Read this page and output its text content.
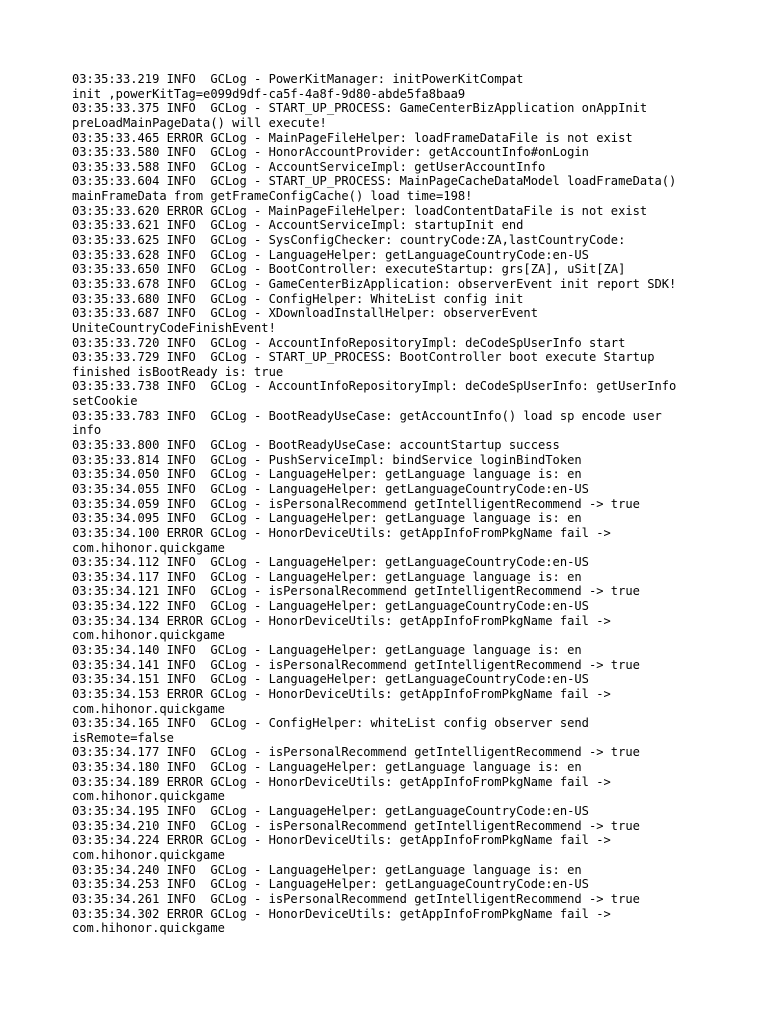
03:35:33.219 INFO  GCLog - PowerKitManager: initPowerKitCompat
init ,powerKitTag=e099d9df-ca5f-4a8f-9d80-abde5fa8baa9
03:35:33.375 INFO  GCLog - START_UP_PROCESS: GameCenterBizApplication onAppInit
preLoadMainPageData() will execute!
03:35:33.465 ERROR GCLog - MainPageFileHelper: loadFrameDataFile is not exist
03:35:33.580 INFO  GCLog - HonorAccountProvider: getAccountInfo#onLogin
03:35:33.588 INFO  GCLog - AccountServiceImpl: getUserAccountInfo
03:35:33.604 INFO  GCLog - START_UP_PROCESS: MainPageCacheDataModel loadFrameData()
mainFrameData from getFrameConfigCache() load time=198!
03:35:33.620 ERROR GCLog - MainPageFileHelper: loadContentDataFile is not exist
03:35:33.621 INFO  GCLog - AccountServiceImpl: startupInit end
03:35:33.625 INFO  GCLog - SysConfigChecker: countryCode:ZA,lastCountryCode:
03:35:33.628 INFO  GCLog - LanguageHelper: getLanguageCountryCode:en-US
03:35:33.650 INFO  GCLog - BootController: executeStartup: grs[ZA], uSit[ZA]
03:35:33.678 INFO  GCLog - GameCenterBizApplication: observerEvent init report SDK!
03:35:33.680 INFO  GCLog - ConfigHelper: WhiteList config init
03:35:33.687 INFO  GCLog - XDownloadInstallHelper: observerEvent
UniteCountryCodeFinishEvent!
03:35:33.720 INFO  GCLog - AccountInfoRepositoryImpl: deCodeSpUserInfo start
03:35:33.729 INFO  GCLog - START_UP_PROCESS: BootController boot execute Startup
finished isBootReady is: true
03:35:33.738 INFO  GCLog - AccountInfoRepositoryImpl: deCodeSpUserInfo: getUserInfo
setCookie
03:35:33.783 INFO  GCLog - BootReadyUseCase: getAccountInfo() load sp encode user
info
03:35:33.800 INFO  GCLog - BootReadyUseCase: accountStartup success
03:35:33.814 INFO  GCLog - PushServiceImpl: bindService loginBindToken
03:35:34.050 INFO  GCLog - LanguageHelper: getLanguage language is: en
03:35:34.055 INFO  GCLog - LanguageHelper: getLanguageCountryCode:en-US
03:35:34.059 INFO  GCLog - isPersonalRecommend getIntelligentRecommend -> true
03:35:34.095 INFO  GCLog - LanguageHelper: getLanguage language is: en
03:35:34.100 ERROR GCLog - HonorDeviceUtils: getAppInfoFromPkgName fail ->
com.hihonor.quickgame
03:35:34.112 INFO  GCLog - LanguageHelper: getLanguageCountryCode:en-US
03:35:34.117 INFO  GCLog - LanguageHelper: getLanguage language is: en
03:35:34.121 INFO  GCLog - isPersonalRecommend getIntelligentRecommend -> true
03:35:34.122 INFO  GCLog - LanguageHelper: getLanguageCountryCode:en-US
03:35:34.134 ERROR GCLog - HonorDeviceUtils: getAppInfoFromPkgName fail ->
com.hihonor.quickgame
03:35:34.140 INFO  GCLog - LanguageHelper: getLanguage language is: en
03:35:34.141 INFO  GCLog - isPersonalRecommend getIntelligentRecommend -> true
03:35:34.151 INFO  GCLog - LanguageHelper: getLanguageCountryCode:en-US
03:35:34.153 ERROR GCLog - HonorDeviceUtils: getAppInfoFromPkgName fail ->
com.hihonor.quickgame
03:35:34.165 INFO  GCLog - ConfigHelper: whiteList config observer send
isRemote=false
03:35:34.177 INFO  GCLog - isPersonalRecommend getIntelligentRecommend -> true
03:35:34.180 INFO  GCLog - LanguageHelper: getLanguage language is: en
03:35:34.189 ERROR GCLog - HonorDeviceUtils: getAppInfoFromPkgName fail ->
com.hihonor.quickgame
03:35:34.195 INFO  GCLog - LanguageHelper: getLanguageCountryCode:en-US
03:35:34.210 INFO  GCLog - isPersonalRecommend getIntelligentRecommend -> true
03:35:34.224 ERROR GCLog - HonorDeviceUtils: getAppInfoFromPkgName fail ->
com.hihonor.quickgame
03:35:34.240 INFO  GCLog - LanguageHelper: getLanguage language is: en
03:35:34.253 INFO  GCLog - LanguageHelper: getLanguageCountryCode:en-US
03:35:34.261 INFO  GCLog - isPersonalRecommend getIntelligentRecommend -> true
03:35:34.302 ERROR GCLog - HonorDeviceUtils: getAppInfoFromPkgName fail ->
com.hihonor.quickgame
